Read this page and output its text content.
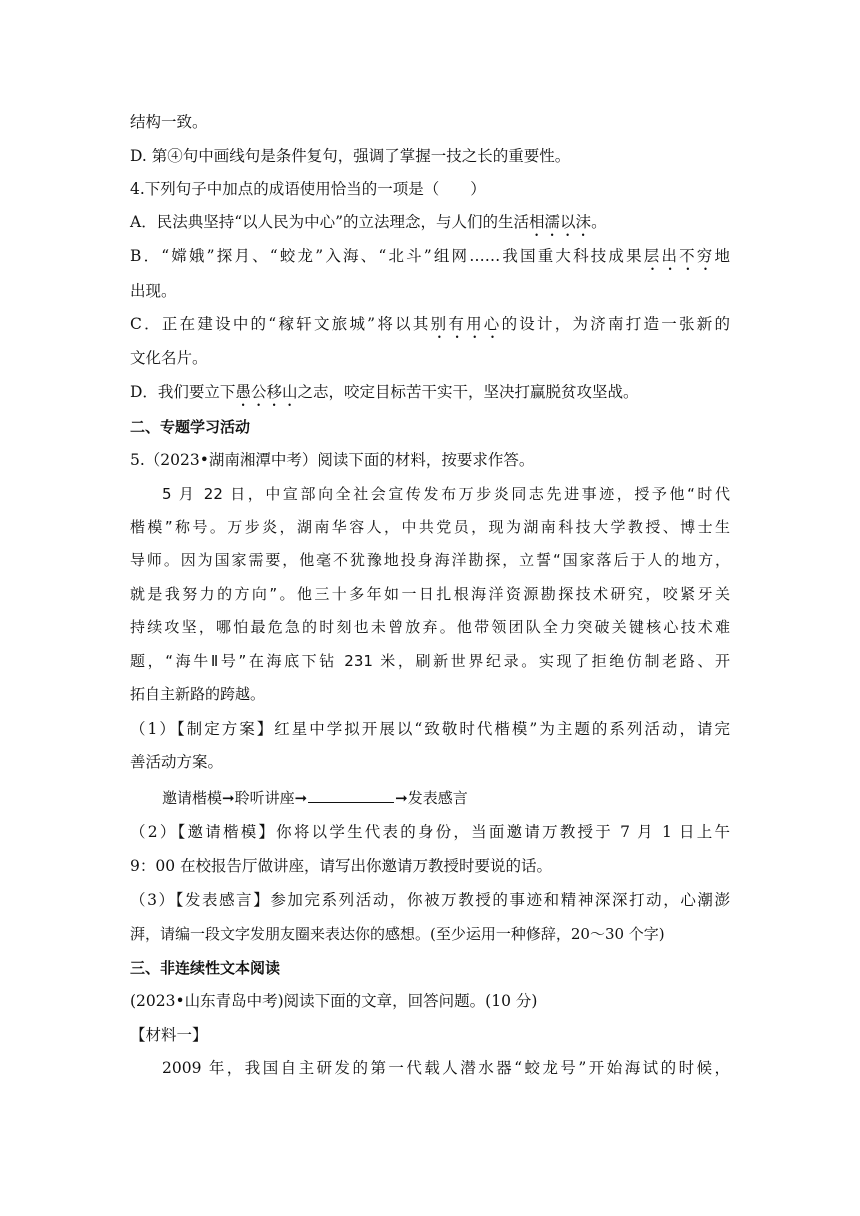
结构一致。
D. 第④句中画线句是条件复句，强调了掌握一技之长的重要性。
4.下列句子中加点的成语使用恰当的一项是（　　）
A．民法典坚持“以人民为中心”的立法理念，与人们的生活相濡以沫。
B．“嫦娥”探月、“蛟龙”入海、“北斗”组网……我国重大科技成果层出不穷地
出现。
C．正在建设中的“稼轩文旅城”将以其别有用心的设计，为济南打造一张新的
文化名片。
D．我们要立下愚公移山之志，咬定目标苦干实干，坚决打赢脱贫攻坚战。
二、专题学习活动
5.（2023•湖南湘潭中考）阅读下面的材料，按要求作答。
5 月 22 日，中宣部向全社会宣传发布万步炎同志先进事迹，授予他“时代
楷模”称号。万步炎，湖南华容人，中共党员，现为湖南科技大学教授、博士生
导师。因为国家需要，他毫不犹豫地投身海洋勘探，立誓“国家落后于人的地方，
就是我努力的方向”。他三十多年如一日扎根海洋资源勘探技术研究，咬紧牙关
持续攻坚，哪怕最危急的时刻也未曾放弃。他带领团队全力突破关键核心技术难
题，“海牛Ⅱ号”在海底下钻 231 米，刷新世界纪录。实现了拒绝仿制老路、开
拓自主新路的跨越。
（1）【制定方案】红星中学拟开展以“致敬时代楷模”为主题的系列活动，请完
善活动方案。
邀请楷模➞聆听讲座➞	➞发表感言
（2）【邀请楷模】你将以学生代表的身份，当面邀请万教授于 7 月 1 日上午
9：00 在校报告厅做讲座，请写出你邀请万教授时要说的话。
（3）【发表感言】参加完系列活动，你被万教授的事迹和精神深深打动，心潮澎
湃，请编一段文字发朋友圈来表达你的感想。(至少运用一种修辞，20～30 个字)
三、非连续性文本阅读
(2023•山东青岛中考)阅读下面的文章，回答问题。(10 分)
【材料一】
2009 年，我国自主研发的第一代载人潜水器“蛟龙号”开始海试的时候，
